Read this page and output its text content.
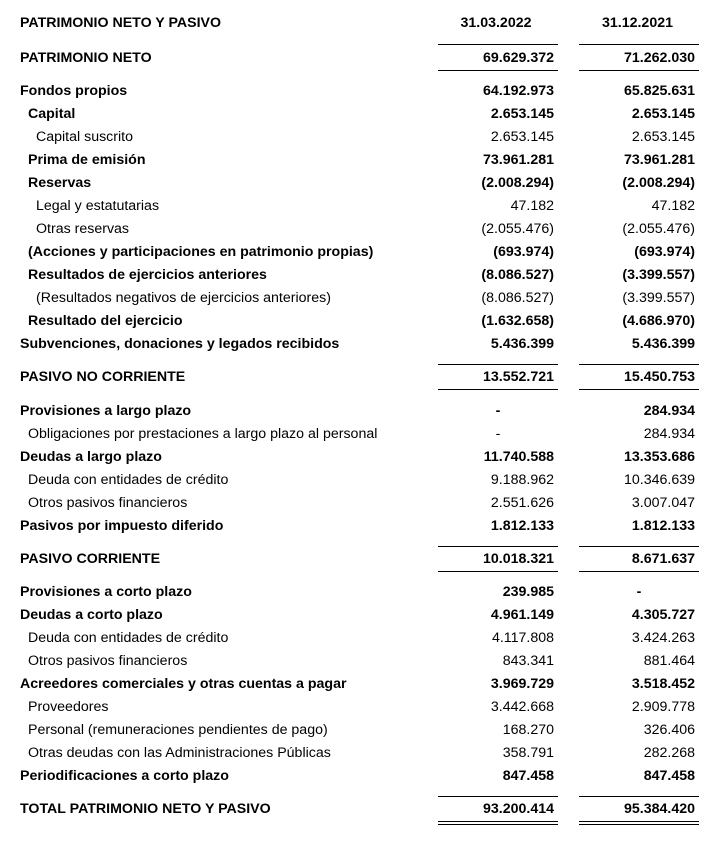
PATRIMONIO NETO Y PASIVO	31.03.2022	31.12.2021
PATRIMONIO NETO	69.629.372	71.262.030
Fondos propios	64.192.973	65.825.631
Capital	2.653.145	2.653.145
Capital suscrito	2.653.145	2.653.145
Prima de emisión	73.961.281	73.961.281
Reservas	(2.008.294)	(2.008.294)
Legal y estatutarias	47.182	47.182
Otras reservas	(2.055.476)	(2.055.476)
(Acciones y participaciones en patrimonio propias)	(693.974)	(693.974)
Resultados de ejercicios anteriores	(8.086.527)	(3.399.557)
(Resultados negativos de ejercicios anteriores)	(8.086.527)	(3.399.557)
Resultado del ejercicio	(1.632.658)	(4.686.970)
Subvenciones, donaciones y legados recibidos	5.436.399	5.436.399
PASIVO NO CORRIENTE	13.552.721	15.450.753
Provisiones a largo plazo	-	284.934
Obligaciones por prestaciones a largo plazo al personal	-	284.934
Deudas a largo plazo	11.740.588	13.353.686
Deuda con entidades de crédito	9.188.962	10.346.639
Otros pasivos financieros	2.551.626	3.007.047
Pasivos por impuesto diferido	1.812.133	1.812.133
PASIVO CORRIENTE	10.018.321	8.671.637
Provisiones a corto plazo	239.985	-
Deudas a corto plazo	4.961.149	4.305.727
Deuda con entidades de crédito	4.117.808	3.424.263
Otros pasivos financieros	843.341	881.464
Acreedores comerciales y otras cuentas a pagar	3.969.729	3.518.452
Proveedores	3.442.668	2.909.778
Personal (remuneraciones pendientes de pago)	168.270	326.406
Otras deudas con las Administraciones Públicas	358.791	282.268
Periodificaciones a corto plazo	847.458	847.458
TOTAL PATRIMONIO NETO Y PASIVO	93.200.414	95.384.420
